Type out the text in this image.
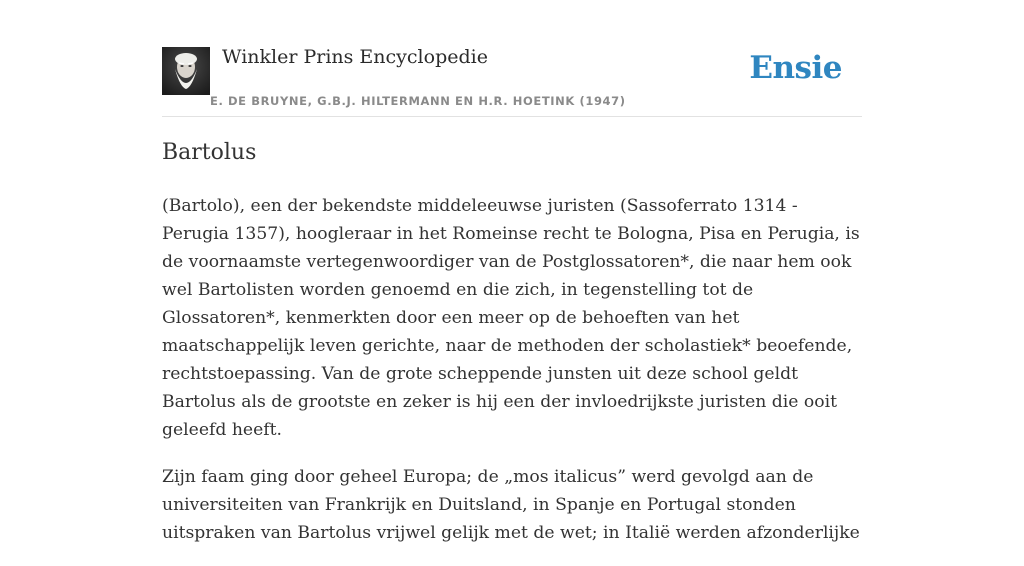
Winkler Prins Encyclopedie
E. DE BRUYNE, G.B.J. HILTERMANN EN H.R. HOETINK (1947)
Ensie
Bartolus

(Bartolo), een der bekendste middeleeuwse juristen (Sassoferrato 1314 - Perugia 1357), hoogleraar in het Romeinse recht te Bologna, Pisa en Perugia, is de voornaamste vertegenwoordiger van de Postglossatoren*, die naar hem ook wel Bartolisten worden genoemd en die zich, in tegenstelling tot de Glossatoren*, kenmerkten door een meer op de behoeften van het maatschappelijk leven gerichte, naar de methoden der scholastiek* beoefende, rechtstoepassing. Van de grote scheppende junsten uit deze school geldt Bartolus als de grootste en zeker is hij een der invloedrijkste juristen die ooit geleefd heeft.

Zijn faam ging door geheel Europa; de „mos italicus” werd gevolgd aan de universiteiten van Frankrijk en Duitsland, in Spanje en Portugal stonden uitspraken van Bartolus vrijwel gelijk met de wet; in Italië werden afzonderlijke
